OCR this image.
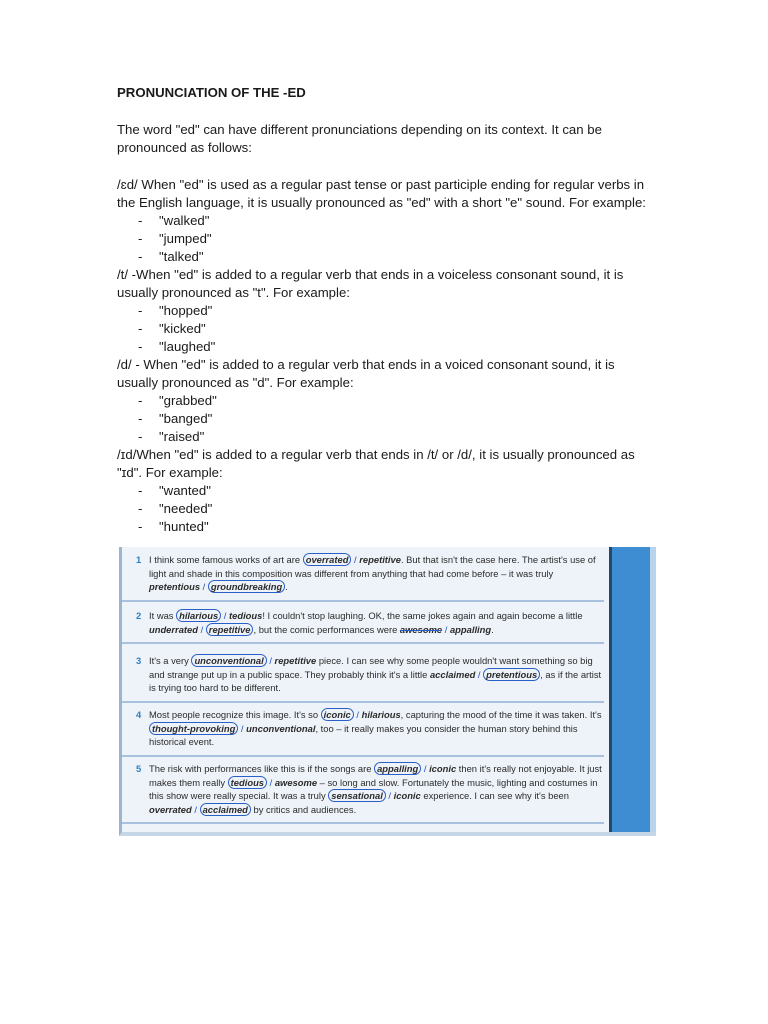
PRONUNCIATION OF THE -ED

The word "ed" can have different pronunciations depending on its context. It can be pronounced as follows:

/ɛd/ When "ed" is used as a regular past tense or past participle ending for regular verbs in the English language, it is usually pronounced as "ed" with a short "e" sound. For example:

- "walked"
- "jumped"
- "talked"

/t/ -When "ed" is added to a regular verb that ends in a voiceless consonant sound, it is usually pronounced as "t". For example:

- "hopped"
- "kicked"
- "laughed"

/d/ - When "ed" is added to a regular verb that ends in a voiced consonant sound, it is usually pronounced as "d". For example:

- "grabbed"
- "banged"
- "raised"

/ɪd/When "ed" is added to a regular verb that ends in /t/ or /d/, it is usually pronounced as "ɪd". For example:

- "wanted"
- "needed"
- "hunted"
1 I think some famous works of art are overrated / repetitive. But that isn't the case here. The artist's use of light and shade in this composition was different from anything that had come before – it was truly pretentious / groundbreaking .
2 It was hilarious / tedious! I couldn't stop laughing. OK, the same jokes again and again become a little underrated / repetitive , but the comic performances were awesome / appalling.
3 It's a very unconventional / repetitive piece. I can see why some people wouldn't want something so big and strange put up in a public space. They probably think it's a little acclaimed / pretentious , as if the artist is trying too hard to be different.
4 Most people recognize this image. It's so iconic / hilarious, capturing the mood of the time it was taken. It's thought-provoking / unconventional, too – it really makes you consider the human story behind this historical event.
5 The risk with performances like this is if the songs are appalling / iconic then it's really not enjoyable. It just makes them really tedious / awesome – so long and slow. Fortunately the music, lighting and costumes in this show were really special. It was a truly sensational / iconic experience. I can see why it's been overrated / acclaimed by critics and audiences.
